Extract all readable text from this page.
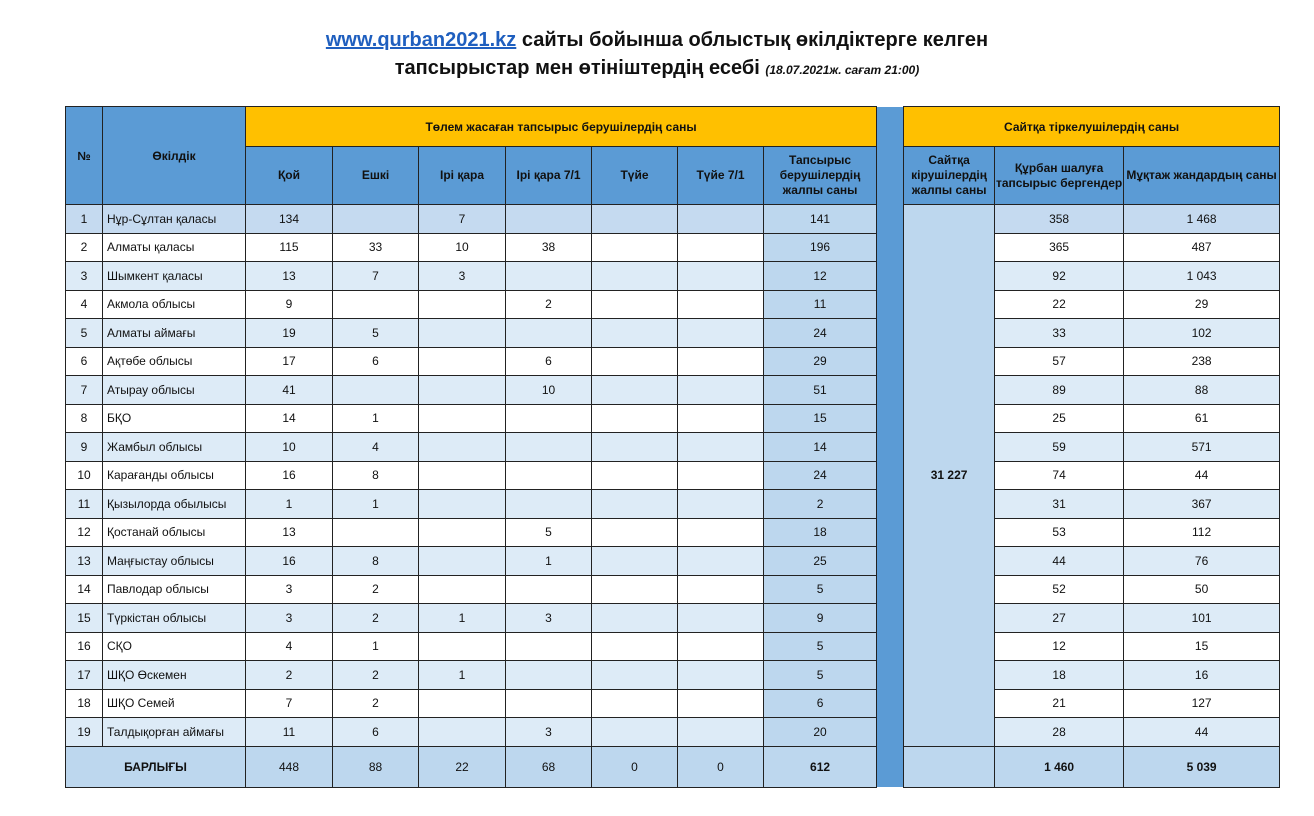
www.qurban2021.kz сайты бойынша облыстық өкілдіктерге келген
тапсырыстар мен өтініштердің есебі (18.07.2021ж. сағат 21:00)
№	Өкілдік	Төлем жасаған тапсырыс берушілердің саны								Сайтқа тіркелушілердің саны		
		Қой	Ешкі	Ірі қара	Ірі қара 7/1	Түйе	Түйе 7/1	Тапсырыс берушілердің жалпы саны		Сайтқа кірушілердің жалпы саны	Құрбан шалуға тапсырыс бергендер	Мұқтаж жандардың саны
1	Нұр-Сұлтан қаласы	134		7				141		31 227	358	1 468
2	Алматы қаласы	115	33	10	38			196			365	487
3	Шымкент қаласы	13	7	3				12			92	1 043
4	Акмола облысы	9			2			11			22	29
5	Алматы аймағы	19	5					24			33	102
6	Ақтөбе облысы	17	6		6			29			57	238
7	Атырау облысы	41			10			51			89	88
8	БҚО	14	1					15			25	61
9	Жамбыл облысы	10	4					14			59	571
10	Карағанды облысы	16	8					24			74	44
11	Қызылорда обылысы	1	1					2			31	367
12	Қостанай облысы	13			5			18			53	112
13	Маңғыстау облысы	16	8		1			25			44	76
14	Павлодар облысы	3	2					5			52	50
15	Түркістан облысы	3	2	1	3			9			27	101
16	СҚО	4	1					5			12	15
17	ШҚО Өскемен	2	2	1				5			18	16
18	ШҚО Семей	7	2					6			21	127
19	Талдықорған аймағы	11	6		3			20			28	44
БАРЛЫҒЫ		448	88	22	68	0	0	612			1 460	5 039
